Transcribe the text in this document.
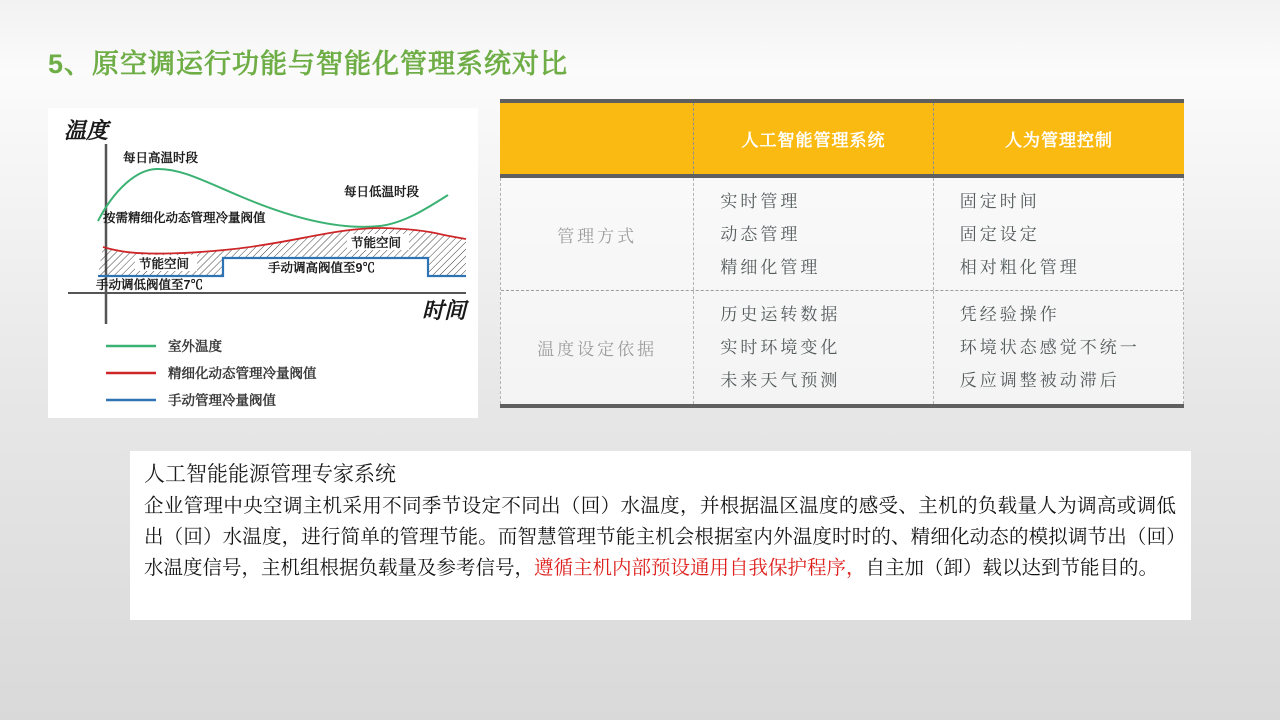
5、原空调运行功能与智能化管理系统对比
温度
时间
每日高温时段
每日低温时段
按需精细化动态管理冷量阀值
节能空间
节能空间
手动调高阀值至9℃
手动调低阀值至7℃
室外温度
精细化动态管理冷量阀值
手动管理冷量阀值
人工智能管理系统	人为管理控制
管理方式
实时管理
动态管理
精细化管理
固定时间
固定设定
相对粗化管理
温度设定依据
历史运转数据
实时环境变化
未来天气预测
凭经验操作
环境状态感觉不统一
反应调整被动滞后
人工智能能源管理专家系统
企业管理中央空调主机采用不同季节设定不同出（回）水温度，并根据温区温度的感受、主机的负载量人为调高或调低出（回）水温度，进行简单的管理节能。而智慧管理节能主机会根据室内外温度时时的、精细化动态的模拟调节出（回）水温度信号，主机组根据负载量及参考信号，遵循主机内部预设通用自我保护程序，自主加（卸）载以达到节能目的。
